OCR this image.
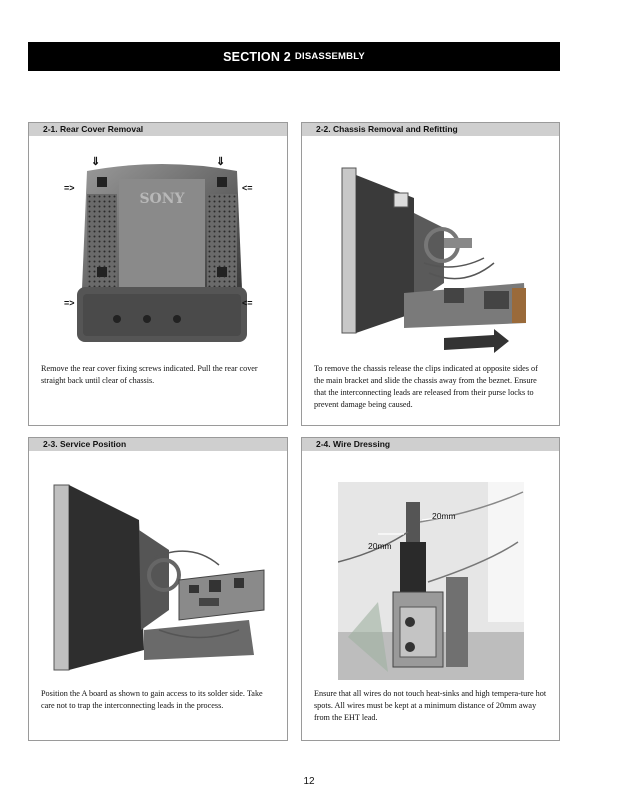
SECTION 2 DISASSEMBLY
2-1. Rear Cover Removal
SONY
=>	<=
=>	<=
⇓	⇓
Remove the rear cover fixing screws indicated. Pull the rear cover straight back until clear of chassis.
2-2. Chassis Removal and Refitting
To remove the chassis release the clips indicated at opposite sides of the main bracket and slide the chassis away from the beznet. Ensure that the interconnecting leads are released from their purse locks to prevent damage being caused.
2-3. Service Position
Position the A board as shown to gain access to its solder side. Take care not to trap the interconnecting leads in the process.
2-4. Wire Dressing
20mm
20mm
Ensure that all wires do not touch heat-sinks and high tempera-ture hot spots. All wires must be kept at a minimum distance of 20mm away from the EHT lead.
12
